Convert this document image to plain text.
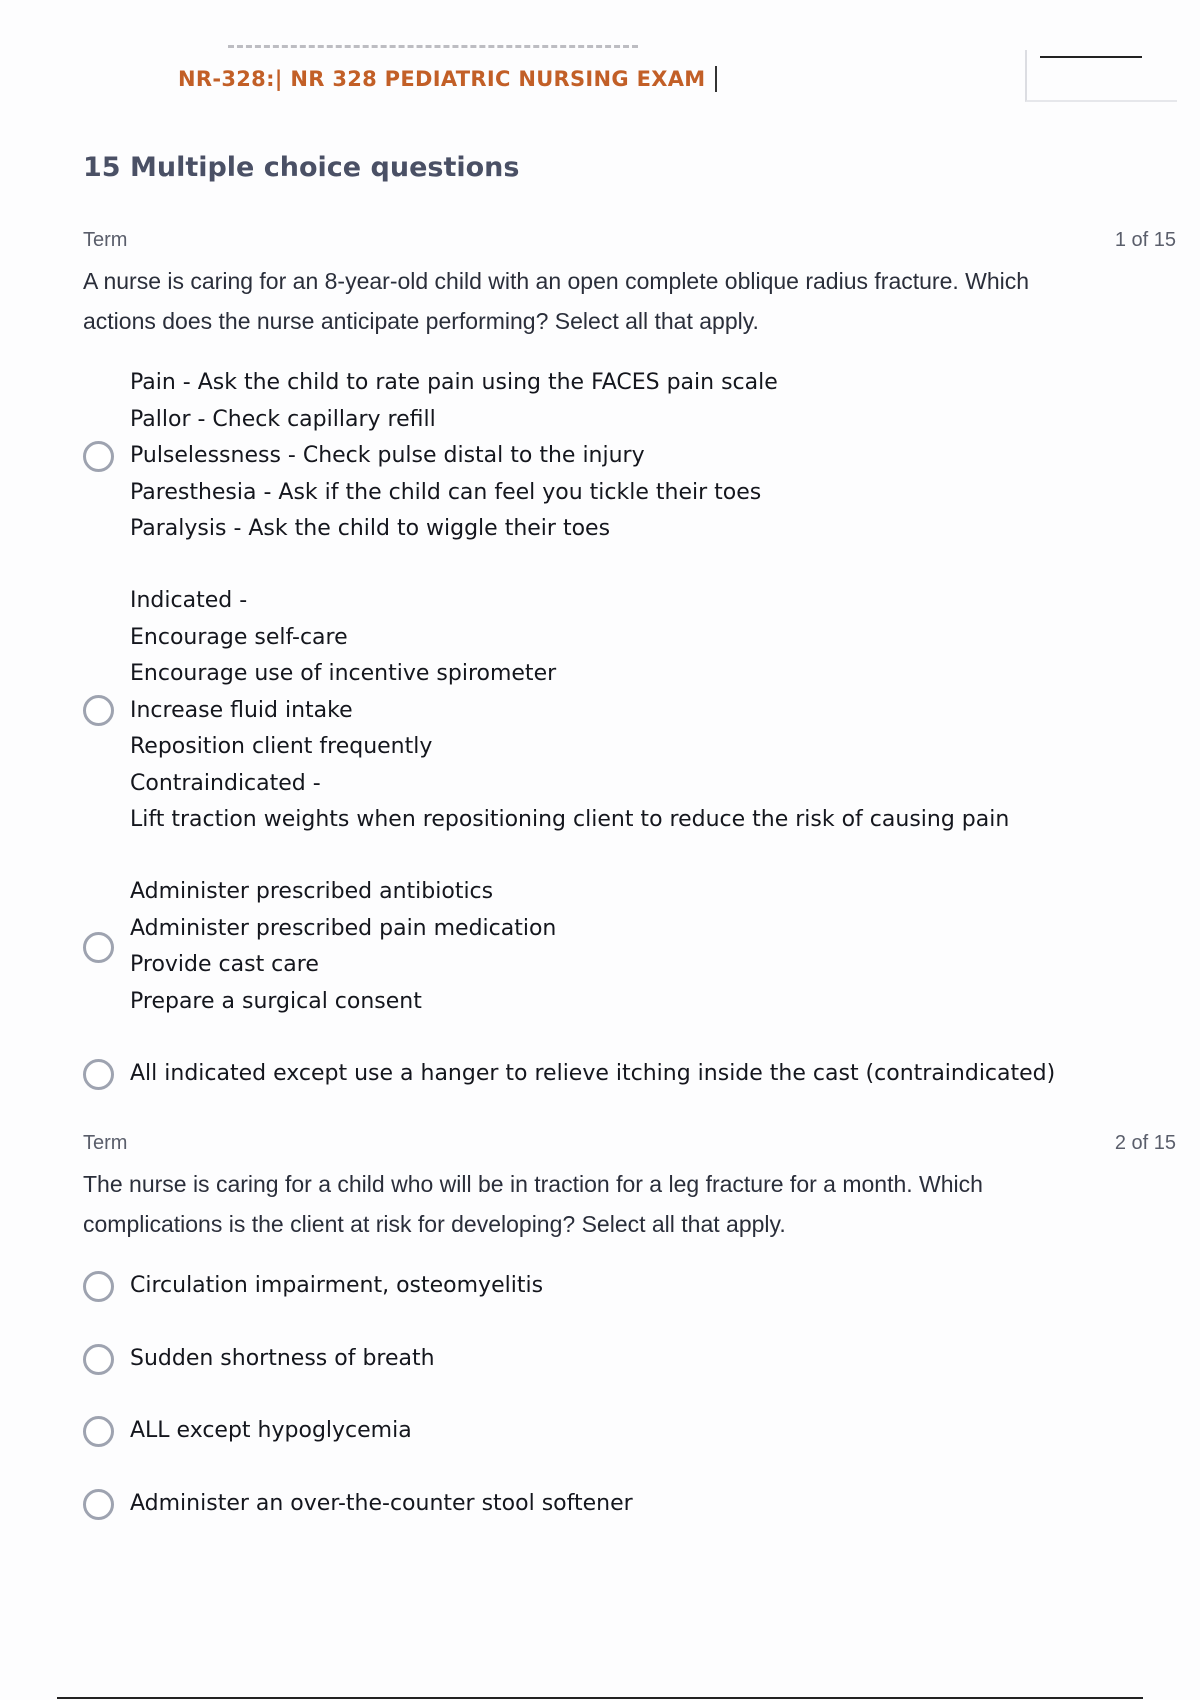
NR-328:| NR 328 PEDIATRIC NURSING EXAM
15 Multiple choice questions
Term	1 of 15
A nurse is caring for an 8-year-old child with an open complete oblique radius fracture. Which
actions does the nurse anticipate performing? Select all that apply.
Pain - Ask the child to rate pain using the FACES pain scale
Pallor - Check capillary refill
Pulselessness - Check pulse distal to the injury
Paresthesia - Ask if the child can feel you tickle their toes
Paralysis - Ask the child to wiggle their toes
Indicated -
Encourage self-care
Encourage use of incentive spirometer
Increase fluid intake
Reposition client frequently
Contraindicated -
Lift traction weights when repositioning client to reduce the risk of causing pain
Administer prescribed antibiotics
Administer prescribed pain medication
Provide cast care
Prepare a surgical consent
All indicated except use a hanger to relieve itching inside the cast (contraindicated)
Term	2 of 15
The nurse is caring for a child who will be in traction for a leg fracture for a month. Which
complications is the client at risk for developing? Select all that apply.
Circulation impairment, osteomyelitis
Sudden shortness of breath
ALL except hypoglycemia
Administer an over-the-counter stool softener
